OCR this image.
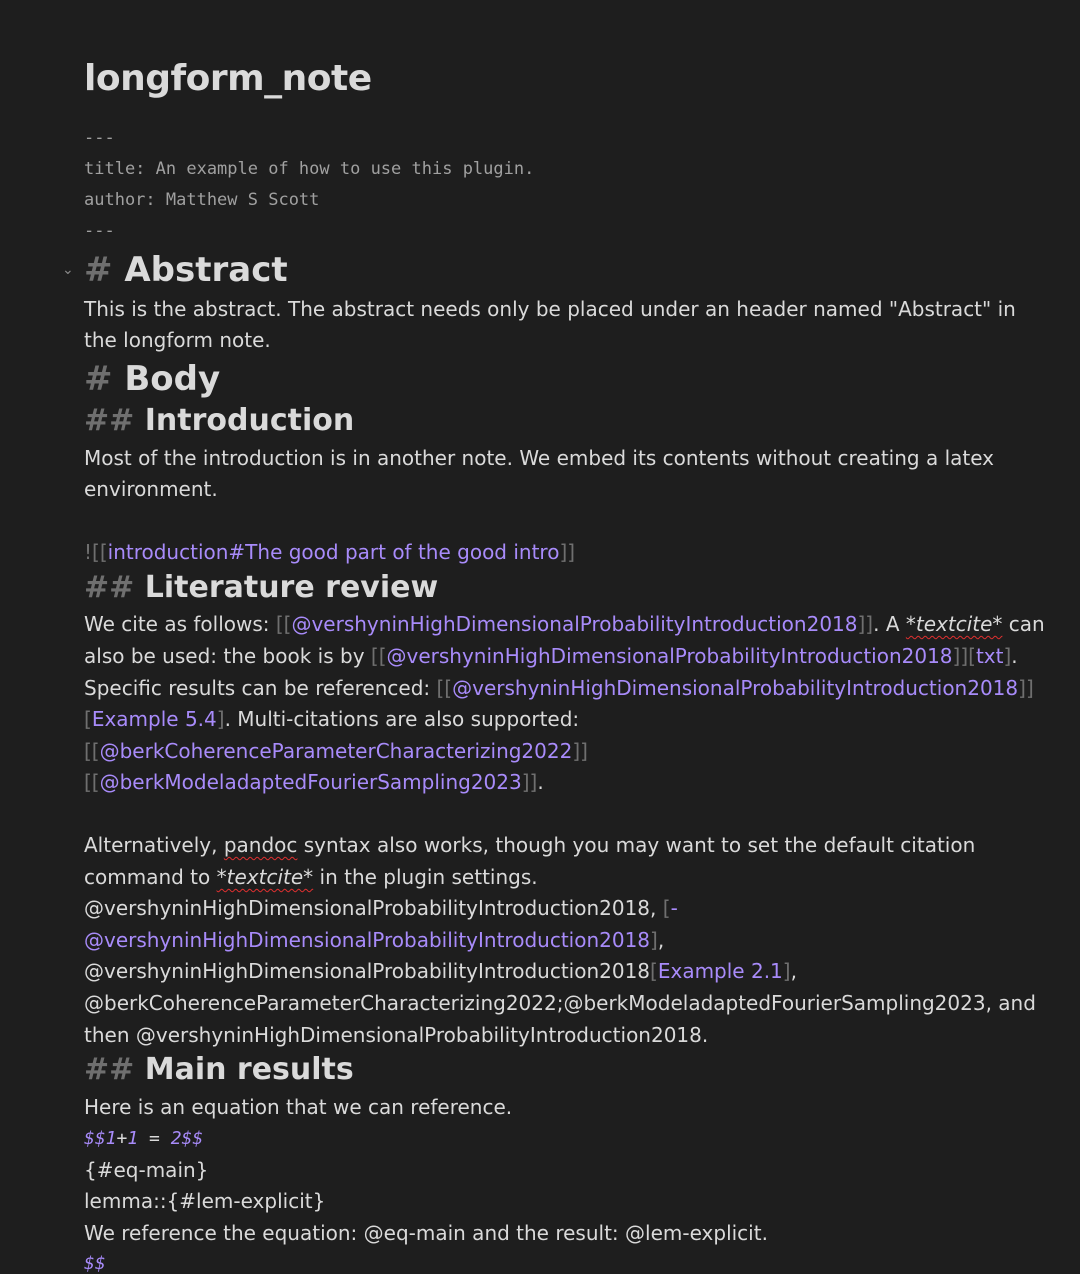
longform_note
---
title: An example of how to use this plugin.
author: Matthew S Scott
---
⌄ # Abstract
This is the abstract. The abstract needs only be placed under an header named "Abstract" in
the longform note.
# Body
## Introduction
Most of the introduction is in another note. We embed its contents without creating a latex
environment.
![[introduction#The good part of the good intro]]
## Literature review
We cite as follows: [[@vershyninHighDimensionalProbabilityIntroduction2018]]. A *textcite* can
also be used: the book is by [[@vershyninHighDimensionalProbabilityIntroduction2018]][txt].
Specific results can be referenced: [[@vershyninHighDimensionalProbabilityIntroduction2018]]
[Example 5.4]. Multi-citations are also supported:
[[@berkCoherenceParameterCharacterizing2022]]
[[@berkModeladaptedFourierSampling2023]].
Alternatively, pandoc syntax also works, though you may want to set the default citation
command to *textcite* in the plugin settings.
@vershyninHighDimensionalProbabilityIntroduction2018, [-
@vershyninHighDimensionalProbabilityIntroduction2018],
@vershyninHighDimensionalProbabilityIntroduction2018[Example 2.1],
@berkCoherenceParameterCharacterizing2022;@berkModeladaptedFourierSampling2023, and
then @vershyninHighDimensionalProbabilityIntroduction2018.
## Main results
Here is an equation that we can reference.
$$1+1 = 2$$
{#eq-main}
lemma::{#lem-explicit}
We reference the equation: @eq-main and the result: @lem-explicit.
$$
